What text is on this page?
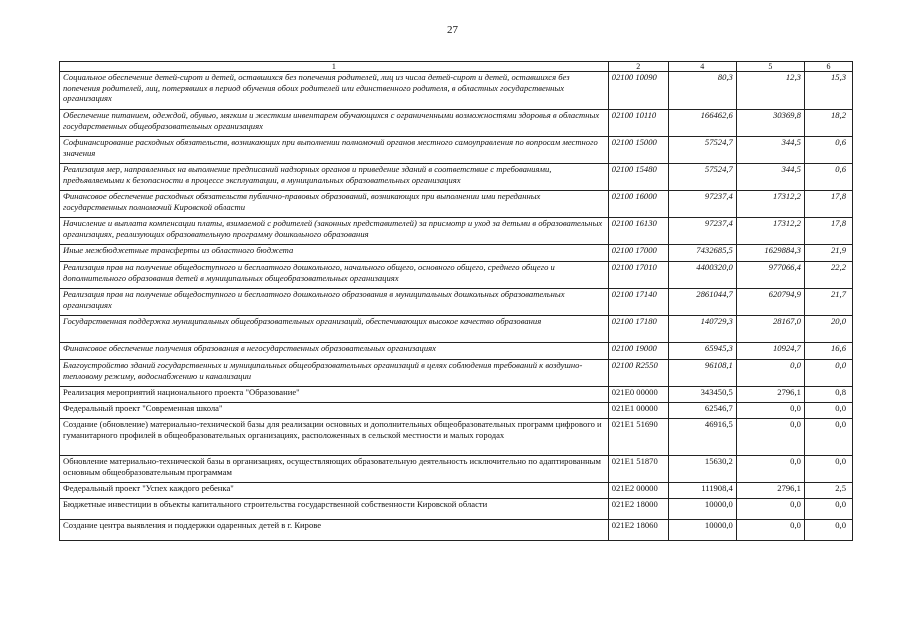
27
1	2	4	5	6
Социальное обеспечение детей-сирот и детей, оставшихся без попечения родителей, лиц из числа детей-сирот и детей, оставшихся без попечения родителей, лиц, потерявших в период обучения обоих родителей или единственного родителя, в областных государственных организациях	02100 10090	80,3	12,3	15,3
Обеспечение питанием, одеждой, обувью, мягким и жестким инвентарем обучающихся с ограниченными возможностями здоровья в областных государственных общеобразовательных организациях	02100 10110	166462,6	30369,8	18,2
Софинансирование расходных обязательств, возникающих при выполнении полномочий органов местного самоуправления по вопросам местного значения	02100 15000	57524,7	344,5	0,6
Реализация мер, направленных на выполнение предписаний надзорных органов и приведение зданий в соответствие с требованиями, предъявляемыми к безопасности в процессе эксплуатации, в муниципальных образовательных организациях	02100 15480	57524,7	344,5	0,6
Финансовое обеспечение расходных обязательств публично-правовых образований, возникающих при выполнении ими переданных государственных полномочий Кировской области	02100 16000	97237,4	17312,2	17,8
Начисление и выплата компенсации платы, взимаемой с родителей (законных представителей) за присмотр и уход за детьми в образовательных организациях, реализующих образовательную программу дошкольного образования	02100 16130	97237,4	17312,2	17,8
Иные межбюджетные трансферты из областного бюджета	02100 17000	7432685,5	1629884,3	21,9
Реализация прав на получение общедоступного и бесплатного дошкольного, начального общего, основного общего, среднего общего и дополнительного образования детей в муниципальных общеобразовательных организациях	02100 17010	4400320,0	977066,4	22,2
Реализация прав на получение общедоступного и бесплатного дошкольного образования в муниципальных дошкольных образовательных организациях	02100 17140	2861044,7	620794,9	21,7
Государственная поддержка муниципальных общеобразовательных организаций, обеспечивающих высокое качество образования	02100 17180	140729,3	28167,0	20,0
Финансовое обеспечение получения образования в негосударственных образовательных организациях	02100 19000	65945,3	10924,7	16,6
Благоустройство зданий государственных и муниципальных общеобразовательных организаций в целях соблюдения требований к воздушно-тепловому режиму, водоснабжению и канализации	02100 R2550	96108,1	0,0	0,0
Реализация мероприятий национального проекта "Образование"	021E0 00000	343450,5	2796,1	0,8
Федеральный проект "Современная школа"	021E1 00000	62546,7	0,0	0,0
Создание (обновление) материально-технической базы для реализации основных и дополнительных общеобразовательных программ цифрового и гуманитарного профилей в общеобразовательных организациях, расположенных в сельской местности и малых городах	021E1 51690	46916,5	0,0	0,0
Обновление материально-технической базы в организациях, осуществляющих образовательную деятельность исключительно по адаптированным основным общеобразовательным программам	021E1 51870	15630,2	0,0	0,0
Федеральный проект "Успех каждого ребенка"	021E2 00000	111908,4	2796,1	2,5
Бюджетные инвестиции в объекты капитального строительства государственной собственности Кировской области	021E2 18000	10000,0	0,0	0,0
Создание центра выявления и поддержки одаренных детей в г. Кирове	021E2 18060	10000,0	0,0	0,0
